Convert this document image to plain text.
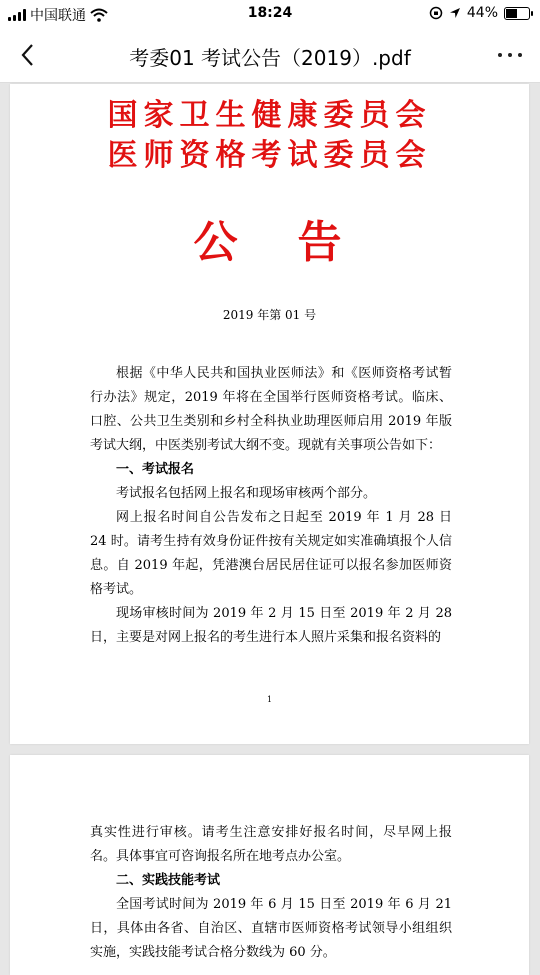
中国联通	18:24	44%
考委01 考试公告（2019）.pdf
国家卫生健康委员会
医师资格考试委员会
公告
2019 年第 01 号

根据《中华人民共和国执业医师法》和《医师资格考试暂行办法》规定，2019 年将在全国举行医师资格考试。临床、口腔、公共卫生类别和乡村全科执业助理医师启用 2019 年版考试大纲，中医类别考试大纲不变。现就有关事项公告如下：

一、考试报名

考试报名包括网上报名和现场审核两个部分。

网上报名时间自公告发布之日起至 2019 年 1 月 28 日 24 时。请考生持有效身份证件按有关规定如实准确填报个人信息。自 2019 年起，凭港澳台居民居住证可以报名参加医师资格考试。

现场审核时间为 2019 年 2 月 15 日至 2019 年 2 月 28 日，主要是对网上报名的考生进行本人照片采集和报名资料的

1

真实性进行审核。请考生注意安排好报名时间，尽早网上报名。具体事宜可咨询报名所在地考点办公室。

二、实践技能考试

全国考试时间为 2019 年 6 月 15 日至 2019 年 6 月 21 日，具体由各省、自治区、直辖市医师资格考试领导小组组织实施，实践技能考试合格分数线为 60 分。
